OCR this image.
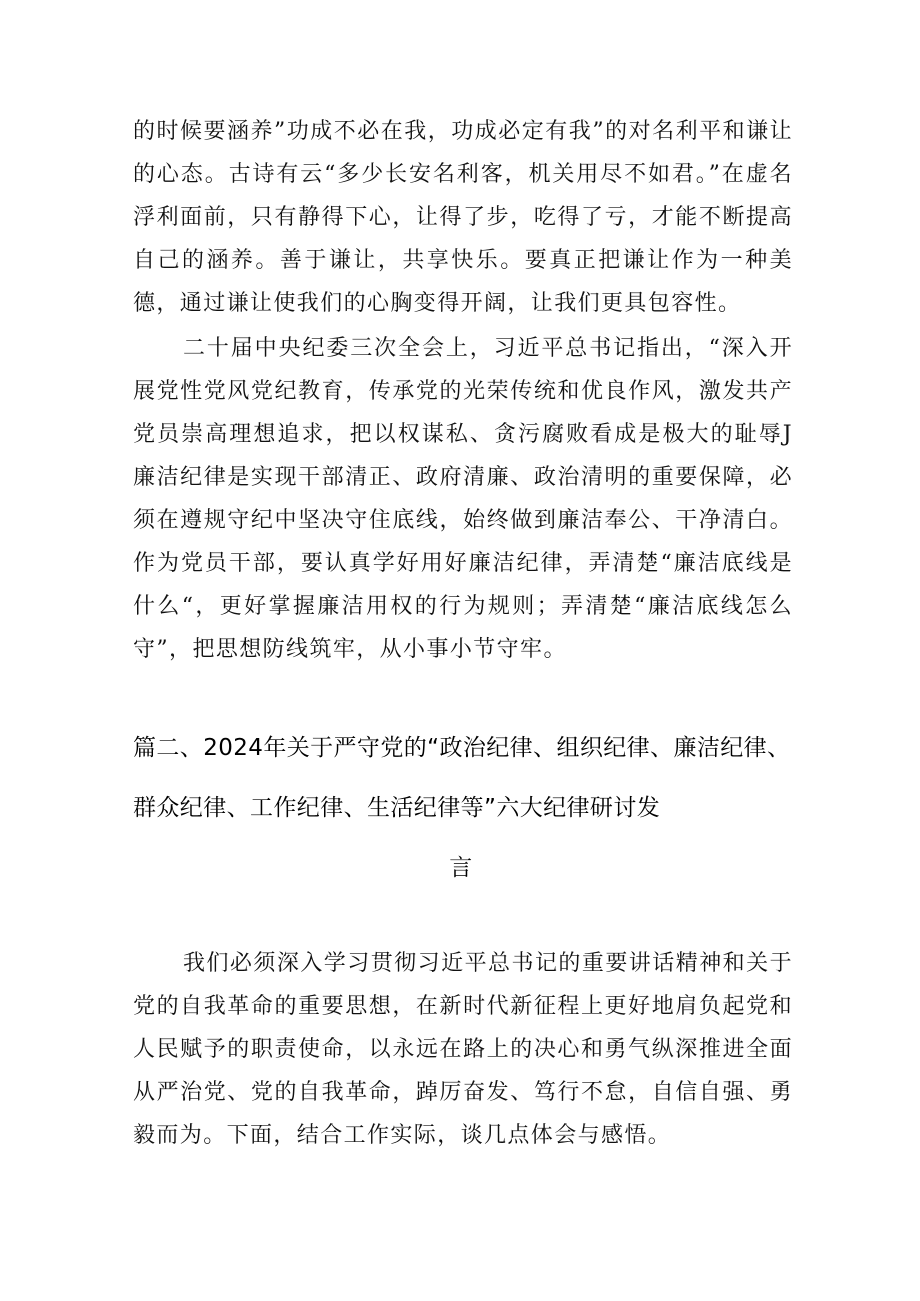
的时候要涵养”功成不必在我，功成必定有我”的对名利平和谦让的心态。古诗有云“多少长安名利客，机关用尽不如君。”在虚名浮利面前，只有静得下心，让得了步，吃得了亏，才能不断提高自己的涵养。善于谦让，共享快乐。要真正把谦让作为一种美德，通过谦让使我们的心胸变得开阔，让我们更具包容性。

二十届中央纪委三次全会上，习近平总书记指出，“深入开展党性党风党纪教育，传承党的光荣传统和优良作风，激发共产党员崇高理想追求，把以权谋私、贪污腐败看成是极大的耻辱J廉洁纪律是实现干部清正、政府清廉、政治清明的重要保障，必须在遵规守纪中坚决守住底线，始终做到廉洁奉公、干净清白。作为党员干部，要认真学好用好廉洁纪律，弄清楚“廉洁底线是什么“，更好掌握廉洁用权的行为规则；弄清楚“廉洁底线怎么守”，把思想防线筑牢，从小事小节守牢。

篇二、2024年关于严守党的“政治纪律、组织纪律、廉洁纪律、
群众纪律、工作纪律、生活纪律等”六大纪律研讨发
言

我们必须深入学习贯彻习近平总书记的重要讲话精神和关于党的自我革命的重要思想，在新时代新征程上更好地肩负起党和人民赋予的职责使命，以永远在路上的决心和勇气纵深推进全面从严治党、党的自我革命，踔厉奋发、笃行不怠，自信自强、勇毅而为。下面，结合工作实际，谈几点体会与感悟。
